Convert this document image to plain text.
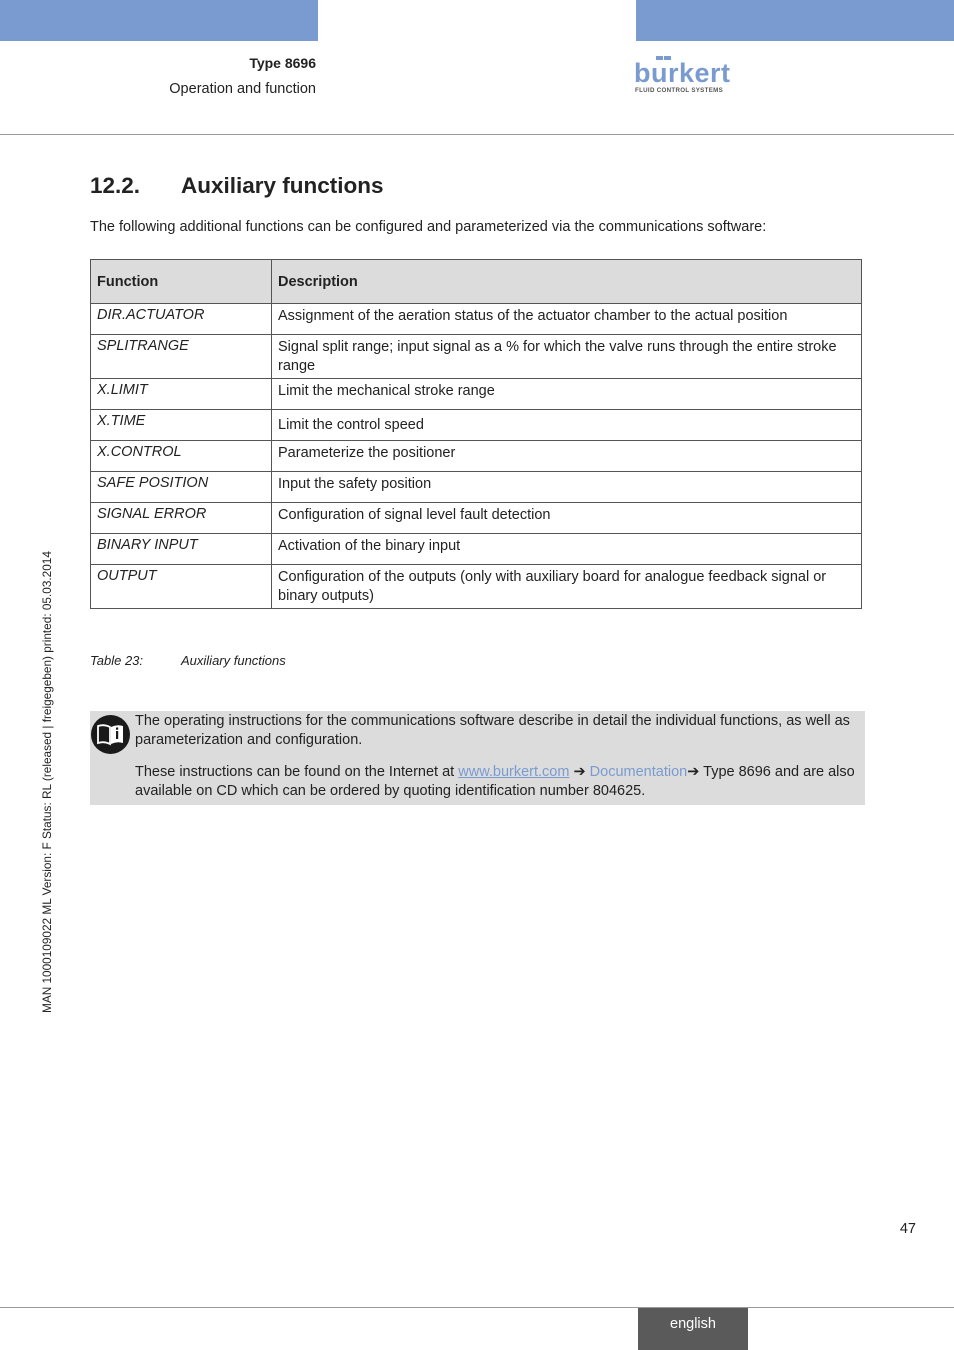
Type 8696
Operation and function
burkert
FLUID CONTROL SYSTEMS
12.2. Auxiliary functions
The following additional functions can be configured and parameterized via the communications software:
Function	Description
DIR.ACTUATOR	Assignment of the aeration status of the actuator chamber to the actual position
SPLITRANGE	Signal split range; input signal as a % for which the valve runs through the entire stroke range
X.LIMIT	Limit the mechanical stroke range
X.TIME	Limit the control speed
X.CONTROL	Parameterize the positioner
SAFE POSITION	Input the safety position
SIGNAL ERROR	Configuration of signal level fault detection
BINARY INPUT	Activation of the binary input
OUTPUT	Configuration of the outputs (only with auxiliary board for analogue feedback signal or binary outputs)
Table 23:	Auxiliary functions
The operating instructions for the communications software describe in detail the individual functions, as well as parameterization and configuration.
These instructions can be found on the Internet at www.burkert.com ➔ Documentation➔ Type 8696 and are also available on CD which can be ordered by quoting identification number 804625.
MAN 1000109022 ML Version: F Status: RL (released | freigegeben) printed: 05.03.2014
47
english
